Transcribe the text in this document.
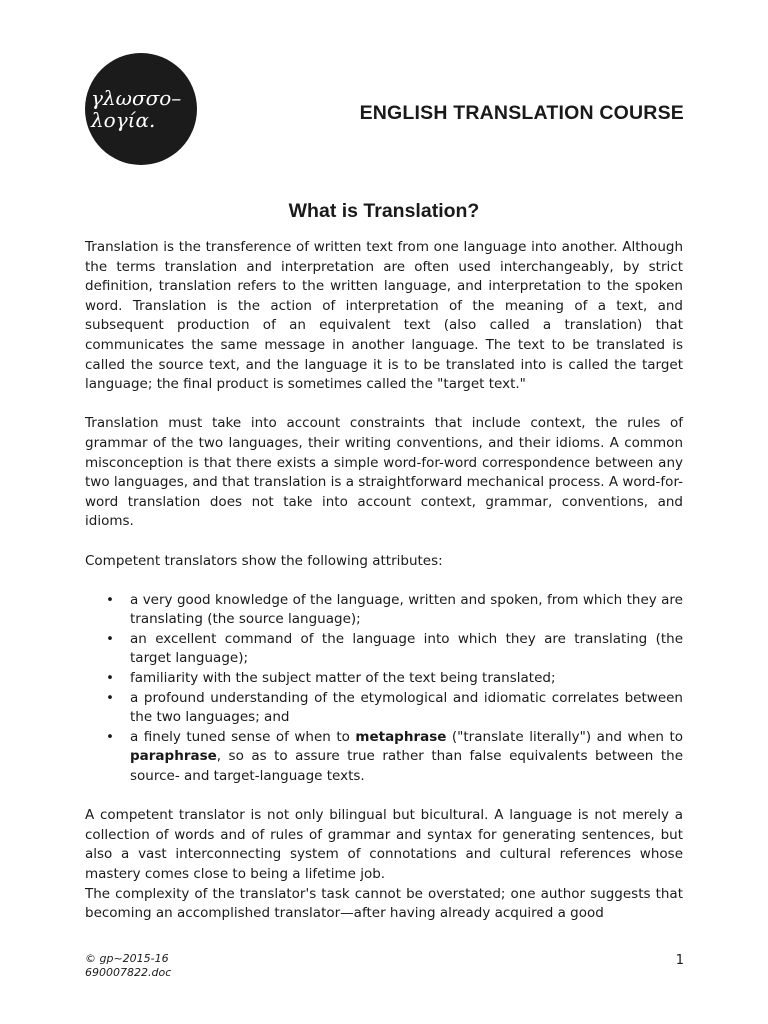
γλωσσο–
λογία.	ENGLISH TRANSLATION COURSE
What is Translation?

Translation is the transference of written text from one language into another. Although the terms translation and interpretation are often used interchangeably, by strict definition, translation refers to the written language, and interpretation to the spoken word. Translation is the action of interpretation of the meaning of a text, and subsequent production of an equivalent text (also called a translation) that communicates the same message in another language. The text to be translated is called the source text, and the language it is to be translated into is called the target language; the final product is sometimes called the "target text."

Translation must take into account constraints that include context, the rules of grammar of the two languages, their writing conventions, and their idioms. A common misconception is that there exists a simple word-for-word correspondence between any two languages, and that translation is a straightforward mechanical process. A word-for-word translation does not take into account context, grammar, conventions, and idioms.

Competent translators show the following attributes:

• a very good knowledge of the language, written and spoken, from which they are translating (the source language);
• an excellent command of the language into which they are translating (the target language);
• familiarity with the subject matter of the text being translated;
• a profound understanding of the etymological and idiomatic correlates between the two languages; and
• a finely tuned sense of when to metaphrase ("translate literally") and when to paraphrase, so as to assure true rather than false equivalents between the source- and target-language texts.

A competent translator is not only bilingual but bicultural. A language is not merely a collection of words and of rules of grammar and syntax for generating sentences, but also a vast interconnecting system of connotations and cultural references whose mastery comes close to being a lifetime job.

The complexity of the translator's task cannot be overstated; one author suggests that becoming an accomplished translator—after having already acquired a good

© gp~2015-16
690007822.doc
1
